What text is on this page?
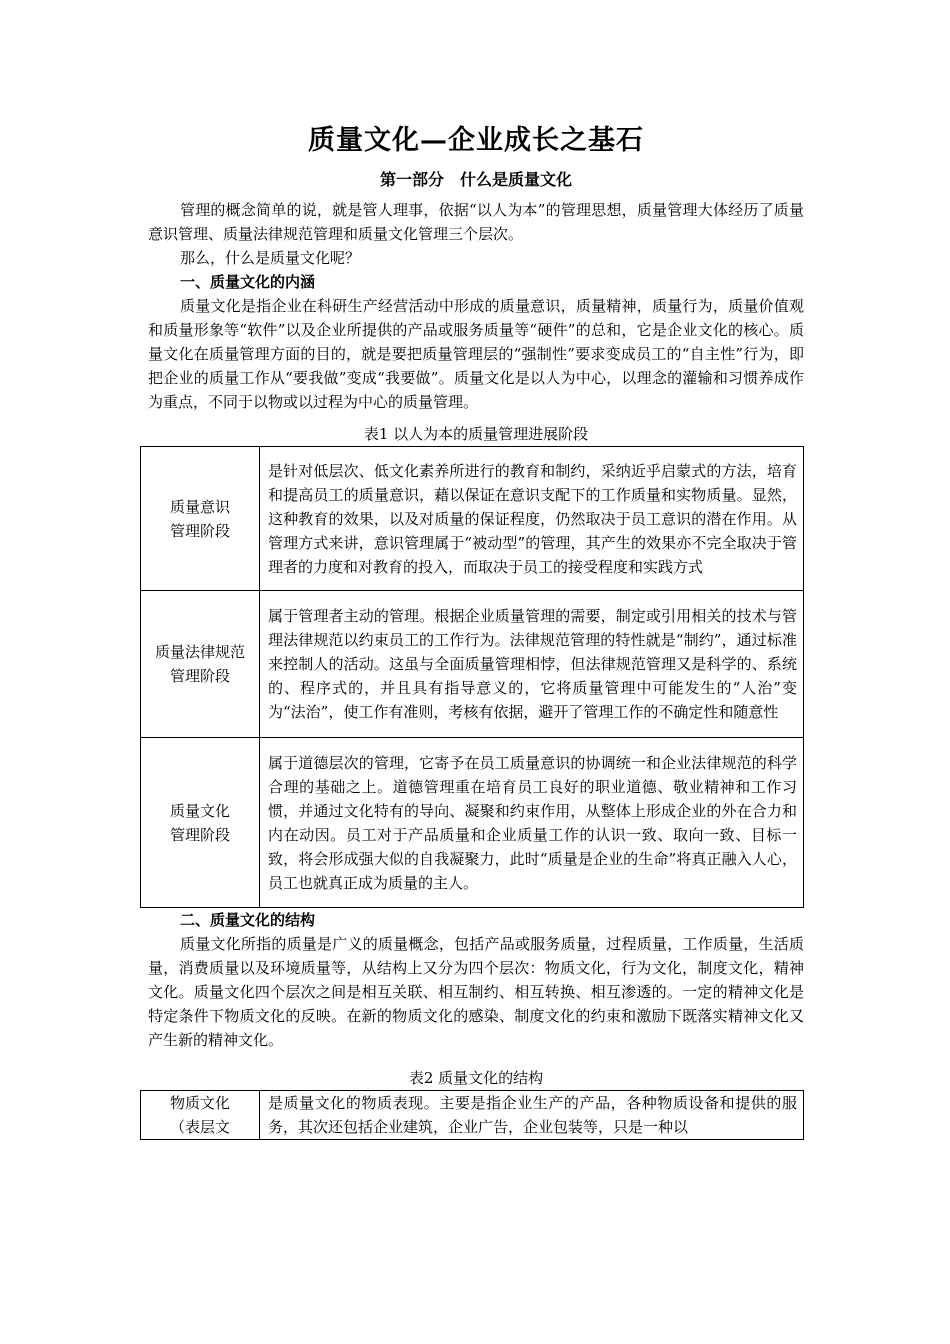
质量文化—企业成长之基石
第一部分　什么是质量文化

管理的概念简单的说，就是管人理事，依据“以人为本”的管理思想，质量管理大体经历了质量意识管理、质量法律规范管理和质量文化管理三个层次。

那么，什么是质量文化呢？

一、质量文化的内涵

质量文化是指企业在科研生产经营活动中形成的质量意识，质量精神，质量行为，质量价值观和质量形象等“软件”以及企业所提供的产品或服务质量等“硬件”的总和，它是企业文化的核心。质量文化在质量管理方面的目的，就是要把质量管理层的“强制性”要求变成员工的“自主性”行为，即把企业的质量工作从“要我做”变成“我要做”。质量文化是以人为中心，以理念的灌输和习惯养成作为重点，不同于以物或以过程为中心的质量管理。

表1 以人为本的质量管理进展阶段
质量意识
管理阶段	是针对低层次、低文化素养所进行的教育和制约，采纳近乎启蒙式的方法，培育和提高员工的质量意识，藉以保证在意识支配下的工作质量和实物质量。显然，这种教育的效果，以及对质量的保证程度，仍然取决于员工意识的潜在作用。从管理方式来讲，意识管理属于“被动型”的管理，其产生的效果亦不完全取决于管理者的力度和对教育的投入，而取决于员工的接受程度和实践方式

质量法律规范
管理阶段	属于管理者主动的管理。根据企业质量管理的需要，制定或引用相关的技术与管理法律规范以约束员工的工作行为。法律规范管理的特性就是“制约”，通过标准来控制人的活动。这虽与全面质量管理相悖，但法律规范管理又是科学的、系统的、程序式的，并且具有指导意义的，它将质量管理中可能发生的“人治”变为“法治”，使工作有准则，考核有依据，避开了管理工作的不确定性和随意性

质量文化
管理阶段	属于道德层次的管理，它寄予在员工质量意识的协调统一和企业法律规范的科学合理的基础之上。道德管理重在培育员工良好的职业道德、敬业精神和工作习惯，并通过文化特有的导向、凝聚和约束作用，从整体上形成企业的外在合力和内在动因。员工对于产品质量和企业质量工作的认识一致、取向一致、目标一致，将会形成强大似的自我凝聚力，此时“质量是企业的生命”将真正融入人心，员工也就真正成为质量的主人。
二、质量文化的结构

质量文化所指的质量是广义的质量概念，包括产品或服务质量，过程质量，工作质量，生活质量，消费质量以及环境质量等，从结构上又分为四个层次：物质文化，行为文化，制度文化，精神文化。质量文化四个层次之间是相互关联、相互制约、相互转换、相互渗透的。一定的精神文化是特定条件下物质文化的反映。在新的物质文化的感染、制度文化的约束和激励下既落实精神文化又产生新的精神文化。

表2 质量文化的结构
物质文化
（表层文
	是质量文化的物质表现。主要是指企业生产的产品，各种物质设备和提供的服务，其次还包括企业建筑，企业广告，企业包装等，只是一种以
